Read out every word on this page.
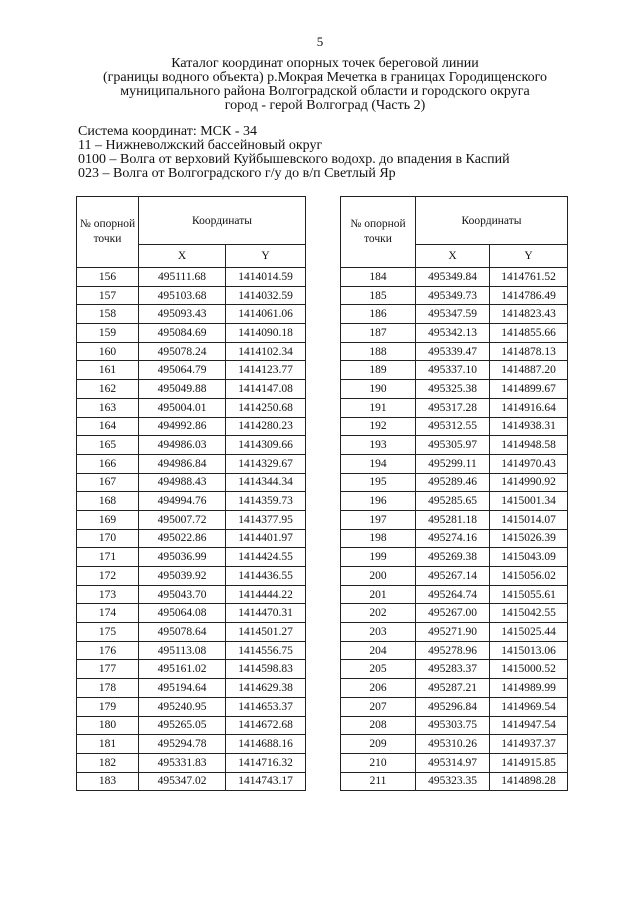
5
Каталог координат опорных точек береговой линии
(границы водного объекта) р.Мокрая Мечетка в границах Городищенского
муниципального района Волгоградской области и городского округа
город - герой Волгоград (Часть 2)
Система координат: МСК - 34
11 – Нижневолжский бассейновый округ
0100 – Волга от верховий Куйбышевского водохр. до впадения в Каспий
023 – Волга от Волгоградского г/у до в/п Светлый Яр
№ опорной точки	Координаты	
	X	Y
156	495111.68	1414014.59
157	495103.68	1414032.59
158	495093.43	1414061.06
159	495084.69	1414090.18
160	495078.24	1414102.34
161	495064.79	1414123.77
162	495049.88	1414147.08
163	495004.01	1414250.68
164	494992.86	1414280.23
165	494986.03	1414309.66
166	494986.84	1414329.67
167	494988.43	1414344.34
168	494994.76	1414359.73
169	495007.72	1414377.95
170	495022.86	1414401.97
171	495036.99	1414424.55
172	495039.92	1414436.55
173	495043.70	1414444.22
174	495064.08	1414470.31
175	495078.64	1414501.27
176	495113.08	1414556.75
177	495161.02	1414598.83
178	495194.64	1414629.38
179	495240.95	1414653.37
180	495265.05	1414672.68
181	495294.78	1414688.16
182	495331.83	1414716.32
183	495347.02	1414743.17
№ опорной точки	Координаты	
	X	Y
184	495349.84	1414761.52
185	495349.73	1414786.49
186	495347.59	1414823.43
187	495342.13	1414855.66
188	495339.47	1414878.13
189	495337.10	1414887.20
190	495325.38	1414899.67
191	495317.28	1414916.64
192	495312.55	1414938.31
193	495305.97	1414948.58
194	495299.11	1414970.43
195	495289.46	1414990.92
196	495285.65	1415001.34
197	495281.18	1415014.07
198	495274.16	1415026.39
199	495269.38	1415043.09
200	495267.14	1415056.02
201	495264.74	1415055.61
202	495267.00	1415042.55
203	495271.90	1415025.44
204	495278.96	1415013.06
205	495283.37	1415000.52
206	495287.21	1414989.99
207	495296.84	1414969.54
208	495303.75	1414947.54
209	495310.26	1414937.37
210	495314.97	1414915.85
211	495323.35	1414898.28
